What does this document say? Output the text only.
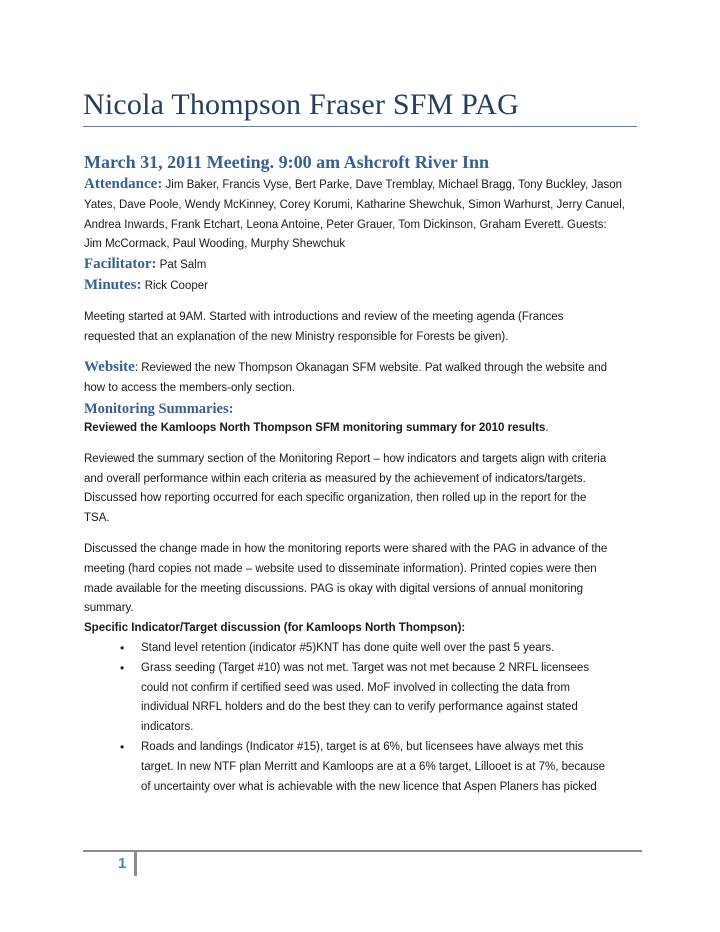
Nicola Thompson Fraser SFM PAG

March 31, 2011 Meeting. 9:00 am Ashcroft River Inn

Attendance: Jim Baker, Francis Vyse, Bert Parke, Dave Tremblay, Michael Bragg, Tony Buckley, Jason

Yates, Dave Poole, Wendy McKinney, Corey Korumi, Katharine Shewchuk, Simon Warhurst, Jerry Canuel,

Andrea Inwards, Frank Etchart, Leona Antoine, Peter Grauer, Tom Dickinson, Graham Everett. Guests:

Jim McCormack, Paul Wooding, Murphy Shewchuk

Facilitator: Pat Salm

Minutes: Rick Cooper

Meeting started at 9AM. Started with introductions and review of the meeting agenda (Frances

requested that an explanation of the new Ministry responsible for Forests be given).

Website: Reviewed the new Thompson Okanagan SFM website. Pat walked through the website and

how to access the members-only section.

Monitoring Summaries:

Reviewed the Kamloops North Thompson SFM monitoring summary for 2010 results.

Reviewed the summary section of the Monitoring Report – how indicators and targets align with criteria

and overall performance within each criteria as measured by the achievement of indicators/targets.

Discussed how reporting occurred for each specific organization, then rolled up in the report for the

TSA.

Discussed the change made in how the monitoring reports were shared with the PAG in advance of the

meeting (hard copies not made – website used to disseminate information). Printed copies were then

made available for the meeting discussions. PAG is okay with digital versions of annual monitoring

summary.

Specific Indicator/Target discussion (for Kamloops North Thompson):

• Stand level retention (indicator #5)KNT has done quite well over the past 5 years.

• Grass seeding (Target #10) was not met. Target was not met because 2 NRFL licensees

could not confirm if certified seed was used. MoF involved in collecting the data from

individual NRFL holders and do the best they can to verify performance against stated

indicators.

• Roads and landings (Indicator #15), target is at 6%, but licensees have always met this

target. In new NTF plan Merritt and Kamloops are at a 6% target, Lillooet is at 7%, because

of uncertainty over what is achievable with the new licence that Aspen Planers has picked

1
